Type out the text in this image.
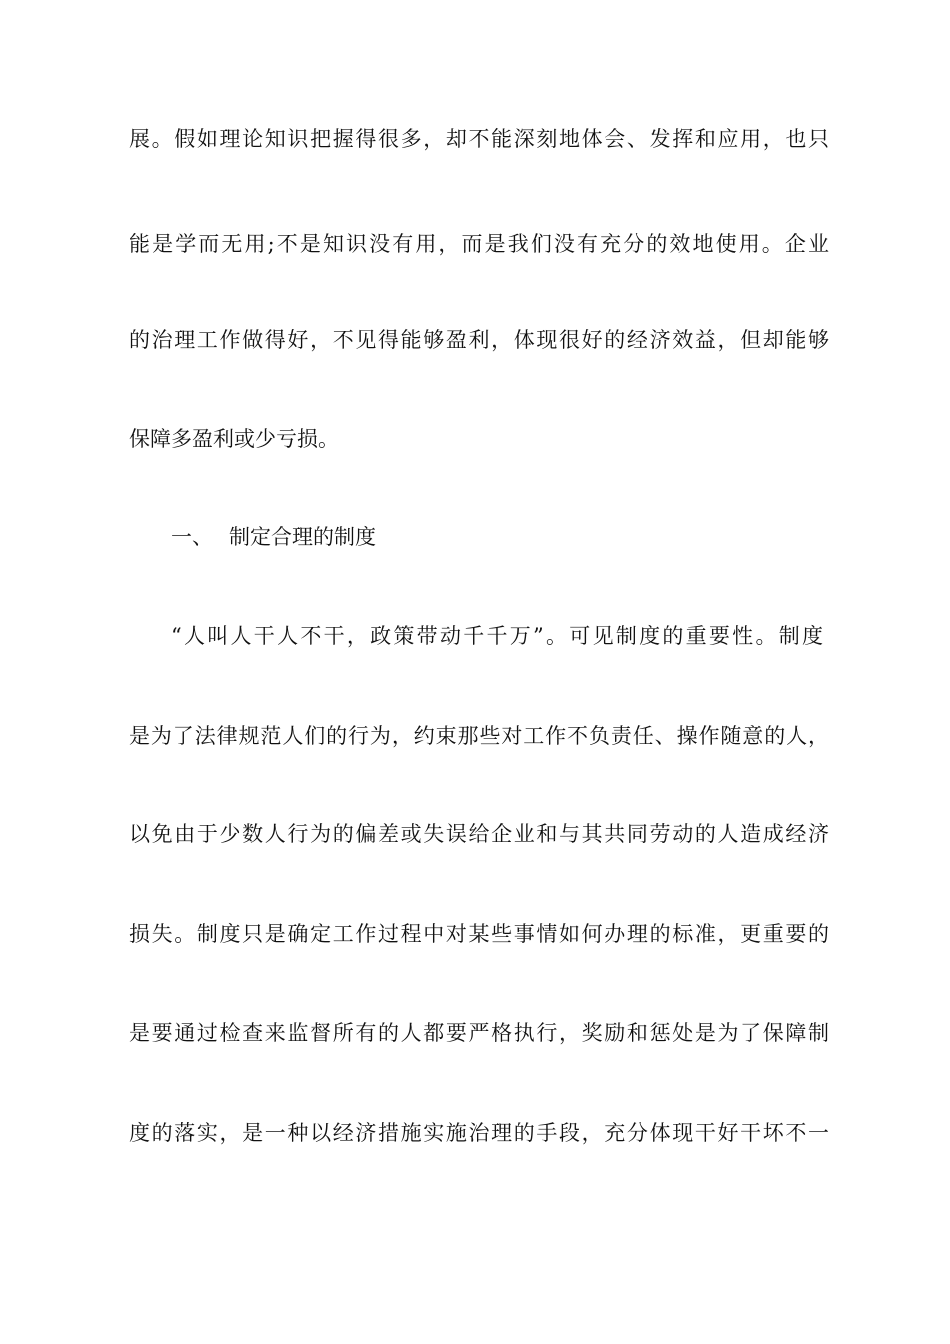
展。假如理论知识把握得很多，却不能深刻地体会、发挥和应用，也只
能是学而无用;不是知识没有用，而是我们没有充分的效地使用。企业
的治理工作做得好，不见得能够盈利，体现很好的经济效益，但却能够
保障多盈利或少亏损。
一、 制定合理的制度
“人叫人干人不干，政策带动千千万”。可见制度的重要性。制度
是为了法律规范人们的行为，约束那些对工作不负责任、操作随意的人，
以免由于少数人行为的偏差或失误给企业和与其共同劳动的人造成经济
损失。制度只是确定工作过程中对某些事情如何办理的标准，更重要的
是要通过检查来监督所有的人都要严格执行，奖励和惩处是为了保障制
度的落实，是一种以经济措施实施治理的手段，充分体现干好干坏不一
